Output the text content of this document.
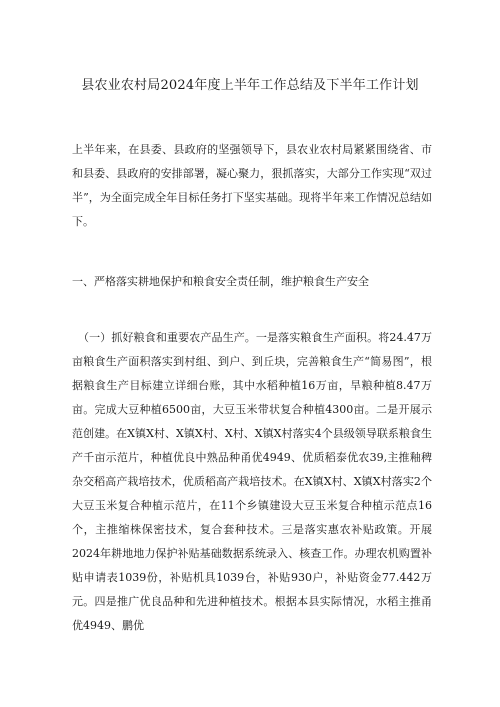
县农业农村局2024年度上半年工作总结及下半年工作计划

上半年来，在县委、县政府的坚强领导下，县农业农村局紧紧围绕省、市和县委、县政府的安排部署，凝心聚力，狠抓落实，大部分工作实现“双过半”，为全面完成全年目标任务打下坚实基础。现将半年来工作情况总结如下。

一、严格落实耕地保护和粮食安全责任制，维护粮食生产安全

（一）抓好粮食和重要农产品生产。一是落实粮食生产面积。将24.47万亩粮食生产面积落实到村组、到户、到丘块，完善粮食生产“简易图”，根据粮食生产目标建立详细台账，其中水稻种植16万亩，旱粮种植8.47万亩。完成大豆种植6500亩，大豆玉米带状复合种植4300亩。二是开展示范创建。在X镇X村、X镇X村、X村、X镇X村落实4个县级领导联系粮食生产千亩示范片，种植优良中熟品种甬优4949、优质稻泰优农39,主推釉稗杂交稻高产栽培技术，优质稻高产栽培技术。在X镇X村、X镇X村落实2个大豆玉米复合种植示范片，在11个乡镇建设大豆玉米复合种植示范点16个，主推缩株保密技术，复合套种技术。三是落实惠农补贴政策。开展2024年耕地地力保护补贴基础数据系统录入、核查工作。办理农机购置补贴申请表1039份，补贴机具1039台，补贴930户，补贴资金77.442万元。四是推广优良品种和先进种植技术。根据本县实际情况，水稻主推甬优4949、鹏优
